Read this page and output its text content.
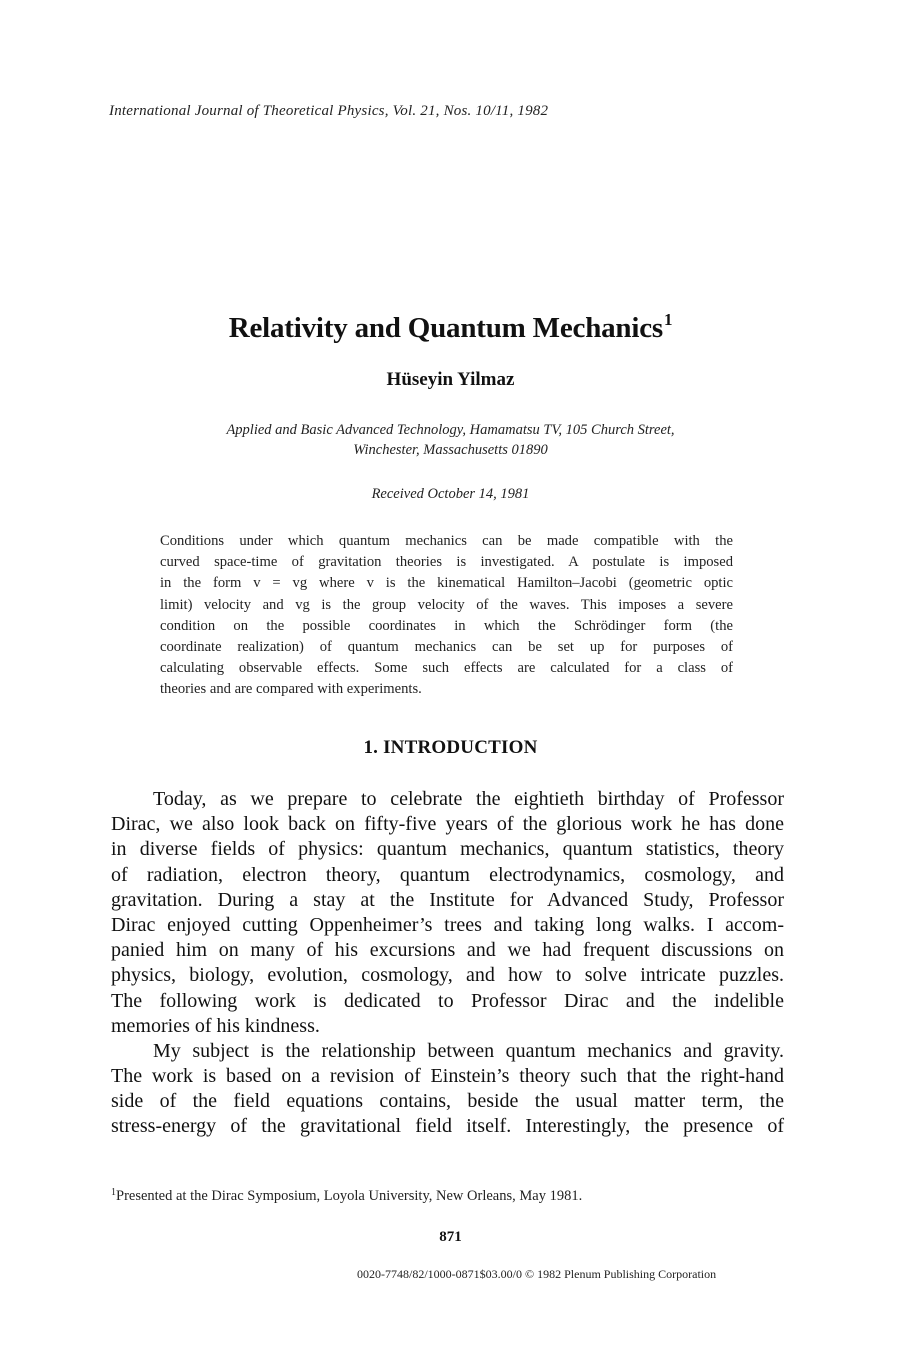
International Journal of Theoretical Physics, Vol. 21, Nos. 10/11, 1982
Relativity and Quantum Mechanics$^1$
Hüseyin Yilmaz
Applied and Basic Advanced Technology, Hamamatsu TV, 105 Church Street,
Winchester, Massachusetts 01890
Received October 14, 1981
Conditions under which quantum mechanics can be made compatible with the
curved space-time of gravitation theories is investigated. A postulate is imposed
in the form v = vg where v is the kinematical Hamilton–Jacobi (geometric optic
limit) velocity and vg is the group velocity of the waves. This imposes a severe
condition on the possible coordinates in which the Schrödinger form (the
coordinate realization) of quantum mechanics can be set up for purposes of
calculating observable effects. Some such effects are calculated for a class of
theories and are compared with experiments.
1. INTRODUCTION
Today, as we prepare to celebrate the eightieth birthday of Professor
Dirac, we also look back on fifty-five years of the glorious work he has done
in diverse fields of physics: quantum mechanics, quantum statistics, theory
of radiation, electron theory, quantum electrodynamics, cosmology, and
gravitation. During a stay at the Institute for Advanced Study, Professor
Dirac enjoyed cutting Oppenheimer’s trees and taking long walks. I accom-
panied him on many of his excursions and we had frequent discussions on
physics, biology, evolution, cosmology, and how to solve intricate puzzles.
The following work is dedicated to Professor Dirac and the indelible
memories of his kindness.
My subject is the relationship between quantum mechanics and gravity.
The work is based on a revision of Einstein’s theory such that the right-hand
side of the field equations contains, beside the usual matter term, the
stress-energy of the gravitational field itself. Interestingly, the presence of
$^1$Presented at the Dirac Symposium, Loyola University, New Orleans, May 1981.
871
0020-7748/82/1000-0871$03.00/0 © 1982 Plenum Publishing Corporation
